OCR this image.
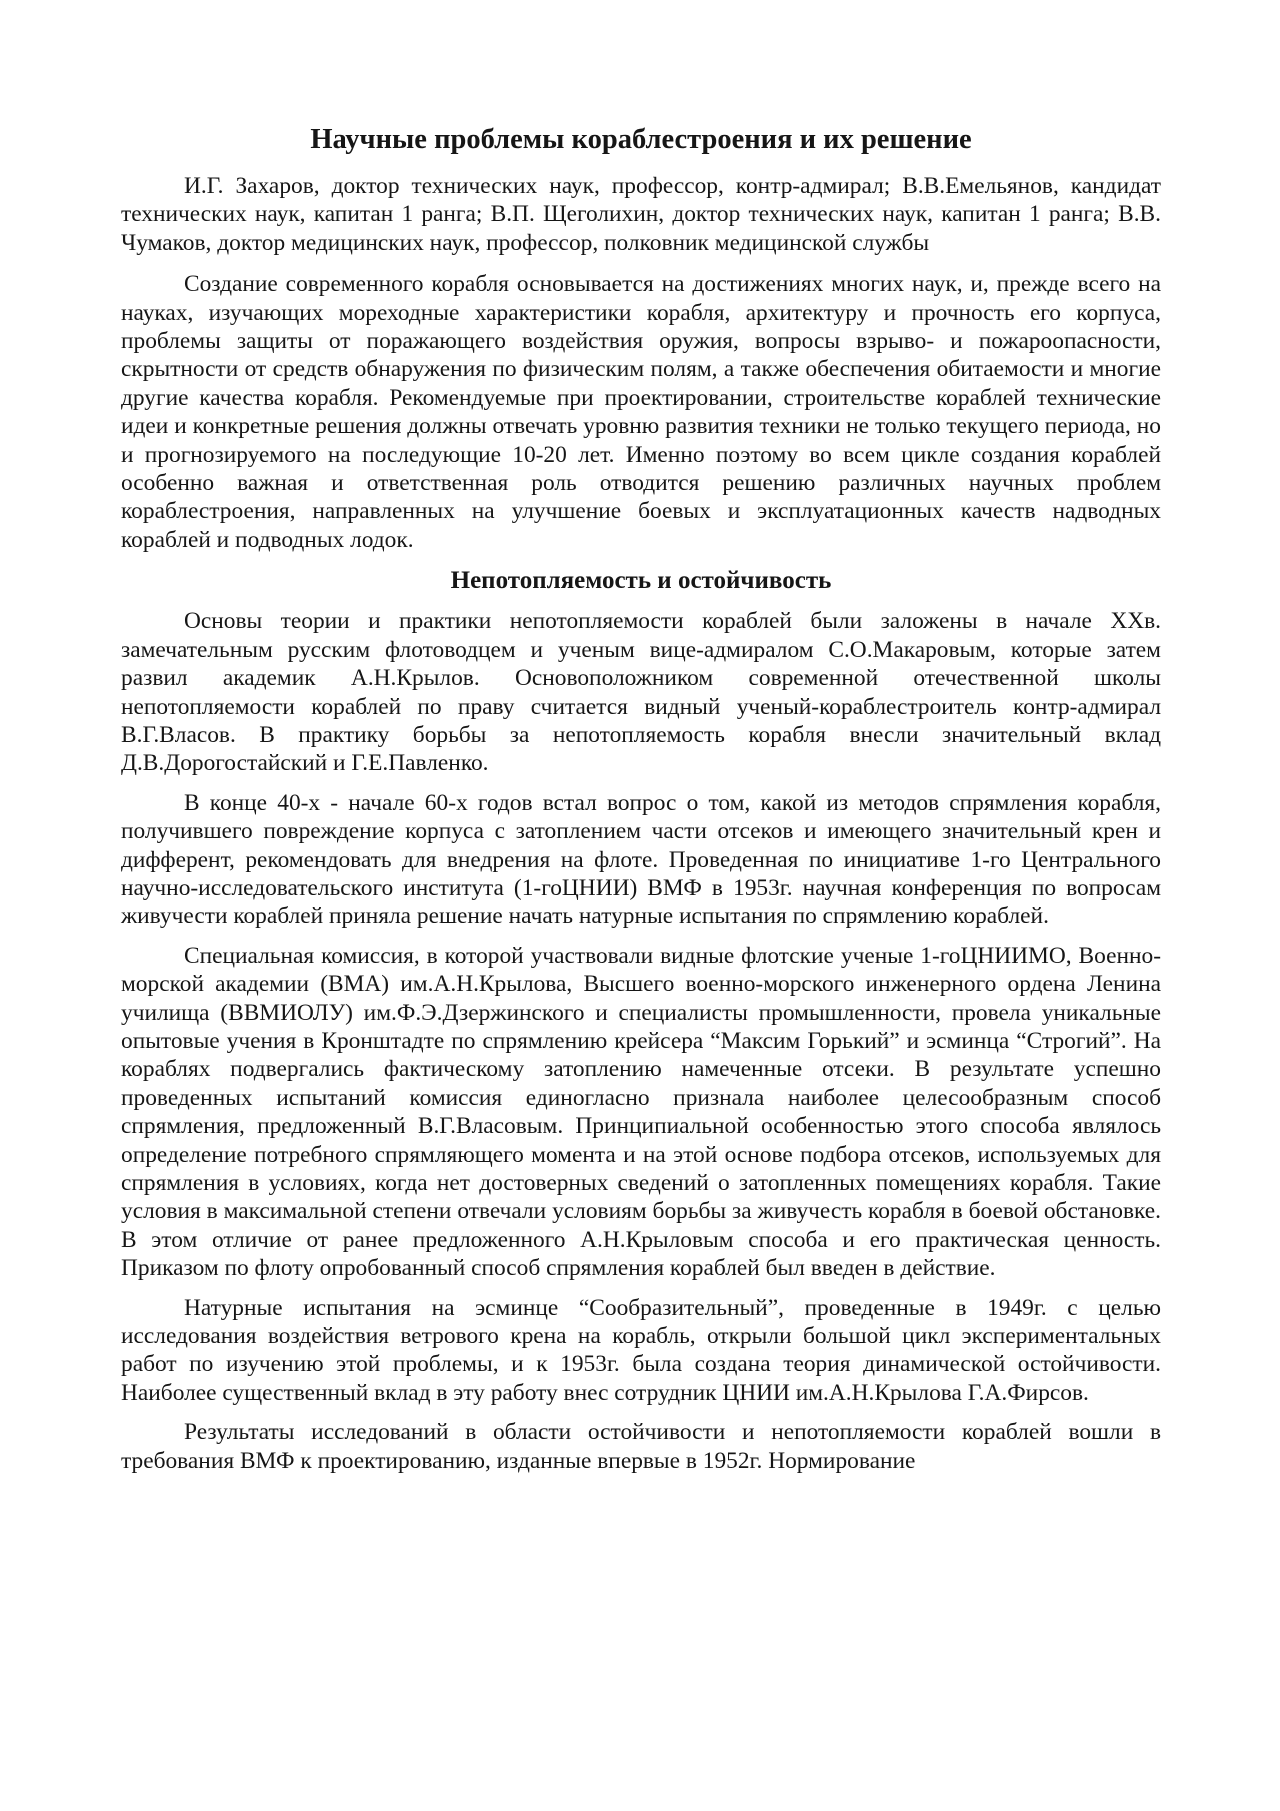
Научные проблемы кораблестроения и их решение

И.Г. Захаров, доктор технических наук, профессор, контр-адмирал; В.В.Емельянов, кандидат технических наук, капитан 1 ранга; В.П. Щеголихин, доктор технических наук, капитан 1 ранга; В.В. Чумаков, доктор медицинских наук, профессор, полковник медицинской службы

Создание современного корабля основывается на достижениях многих наук, и, прежде всего на науках, изучающих мореходные характеристики корабля, архитектуру и прочность его корпуса, проблемы защиты от поражающего воздействия оружия, вопросы взрыво- и пожароопасности, скрытности от средств обнаружения по физическим полям, а также обеспечения обитаемости и многие другие качества корабля. Рекомендуемые при проектировании, строительстве кораблей технические идеи и конкретные решения должны отвечать уровню развития техники не только текущего периода, но и прогнозируемого на последующие 10-20 лет. Именно поэтому во всем цикле создания кораблей особенно важная и ответственная роль отводится решению различных научных проблем кораблестроения, направленных на улучшение боевых и эксплуатационных качеств надводных кораблей и подводных лодок.

Непотопляемость и остойчивость

Основы теории и практики непотопляемости кораблей были заложены в начале XXв. замечательным русским флотоводцем и ученым вице-адмиралом С.О.Макаровым, которые затем развил академик А.Н.Крылов. Основоположником современной отечественной школы непотопляемости кораблей по праву считается видный ученый-кораблестроитель контр-адмирал В.Г.Власов. В практику борьбы за непотопляемость корабля внесли значительный вклад Д.В.Дорогостайский и Г.Е.Павленко.

В конце 40-х - начале 60-х годов встал вопрос о том, какой из методов спрямления корабля, получившего повреждение корпуса с затоплением части отсеков и имеющего значительный крен и дифферент, рекомендовать для внедрения на флоте. Проведенная по инициативе 1-го Центрального научно-исследовательского института (1-гоЦНИИ) ВМФ в 1953г. научная конференция по вопросам живучести кораблей приняла решение начать натурные испытания по спрямлению кораблей.

Специальная комиссия, в которой участвовали видные флотские ученые 1-гоЦНИИМО, Военно-морской академии (ВМА) им.А.Н.Крылова, Высшего военно-морского инженерного ордена Ленина училища (ВВМИОЛУ) им.Ф.Э.Дзержинского и специалисты промышленности, провела уникальные опытовые учения в Кронштадте по спрямлению крейсера “Максим Горький” и эсминца “Строгий”. На кораблях подвергались фактическому затоплению намеченные отсеки. В результате успешно проведенных испытаний комиссия единогласно признала наиболее целесообразным способ спрямления, предложенный В.Г.Власовым. Принципиальной особенностью этого способа являлось определение потребного спрямляющего момента и на этой основе подбора отсеков, используемых для спрямления в условиях, когда нет достоверных сведений о затопленных помещениях корабля. Такие условия в максимальной степени отвечали условиям борьбы за живучесть корабля в боевой обстановке. В этом отличие от ранее предложенного А.Н.Крыловым способа и его практическая ценность. Приказом по флоту опробованный способ спрямления кораблей был введен в действие.

Натурные испытания на эсминце “Сообразительный”, проведенные в 1949г. с целью исследования воздействия ветрового крена на корабль, открыли большой цикл экспериментальных работ по изучению этой проблемы, и к 1953г. была создана теория динамической остойчивости. Наиболее существенный вклад в эту работу внес сотрудник ЦНИИ им.А.Н.Крылова Г.А.Фирсов.

Результаты исследований в области остойчивости и непотопляемости кораблей вошли в требования ВМФ к проектированию, изданные впервые в 1952г. Нормирование
